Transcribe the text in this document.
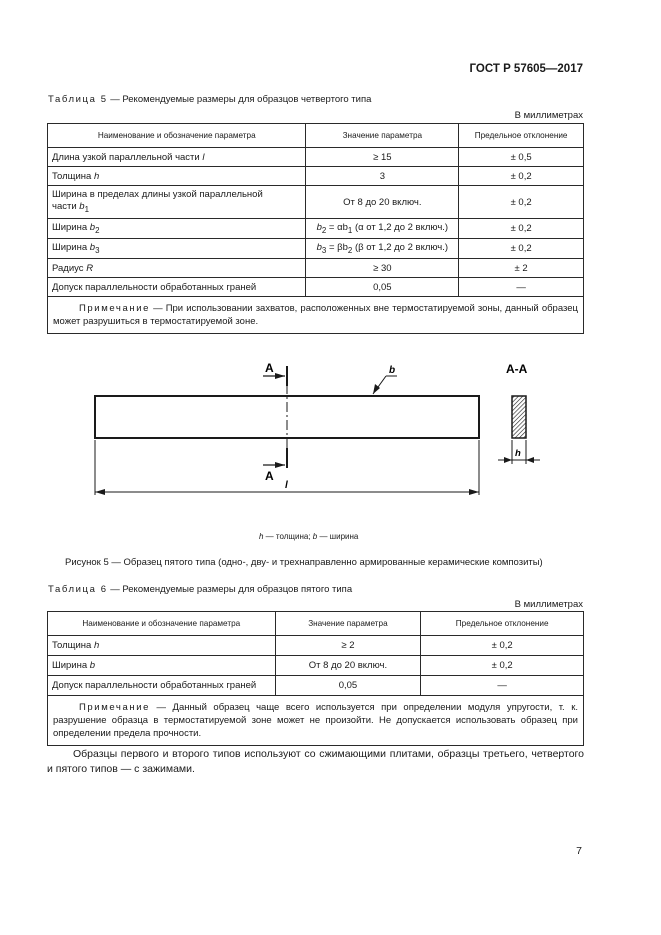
ГОСТ Р 57605—2017
Таблица 5 — Рекомендуемые размеры для образцов четвертого типа
В миллиметрах
Наименование и обозначение параметра	Значение параметра	Предельное отклонение
Длина узкой параллельной части l	≥ 15	± 0,5
Толщина h	3	± 0,2
Ширина в пределах длины узкой параллельной
части $b_1$	От 8 до 20 включ.	± 0,2
Ширина $b_2$	$b_2 = \alpha b_1$ (α от 1,2 до 2 включ.)	± 0,2
Ширина $b_3$	$b_3 = \beta b_2$ (β от 1,2 до 2 включ.)	± 0,2
Радиус R	≥ 30	± 2
Допуск параллельности обработанных граней	0,05	—
Примечание — При использовании захватов, расположенных вне термостатируемой зоны, данный образец может разрушиться в термостатируемой зоне.		
A
A
b
l
A-A
h
h — толщина; b — ширина
Рисунок 5 — Образец пятого типа (одно-, дву- и трехнаправленно армированные керамические композиты)
Таблица 6 — Рекомендуемые размеры для образцов пятого типа
В миллиметрах
Наименование и обозначение параметра	Значение параметра	Предельное отклонение
Толщина h	≥ 2	± 0,2
Ширина b	От 8 до 20 включ.	± 0,2
Допуск параллельности обработанных граней	0,05	—
Примечание — Данный образец чаще всего используется при определении модуля упругости, т. к. разрушение образца в термостатируемой зоне может не произойти. Не допускается использовать образец при определении предела прочности.		
Образцы первого и второго типов используют со сжимающими плитами, образцы третьего, четвертого и пятого типов — с зажимами.
7
